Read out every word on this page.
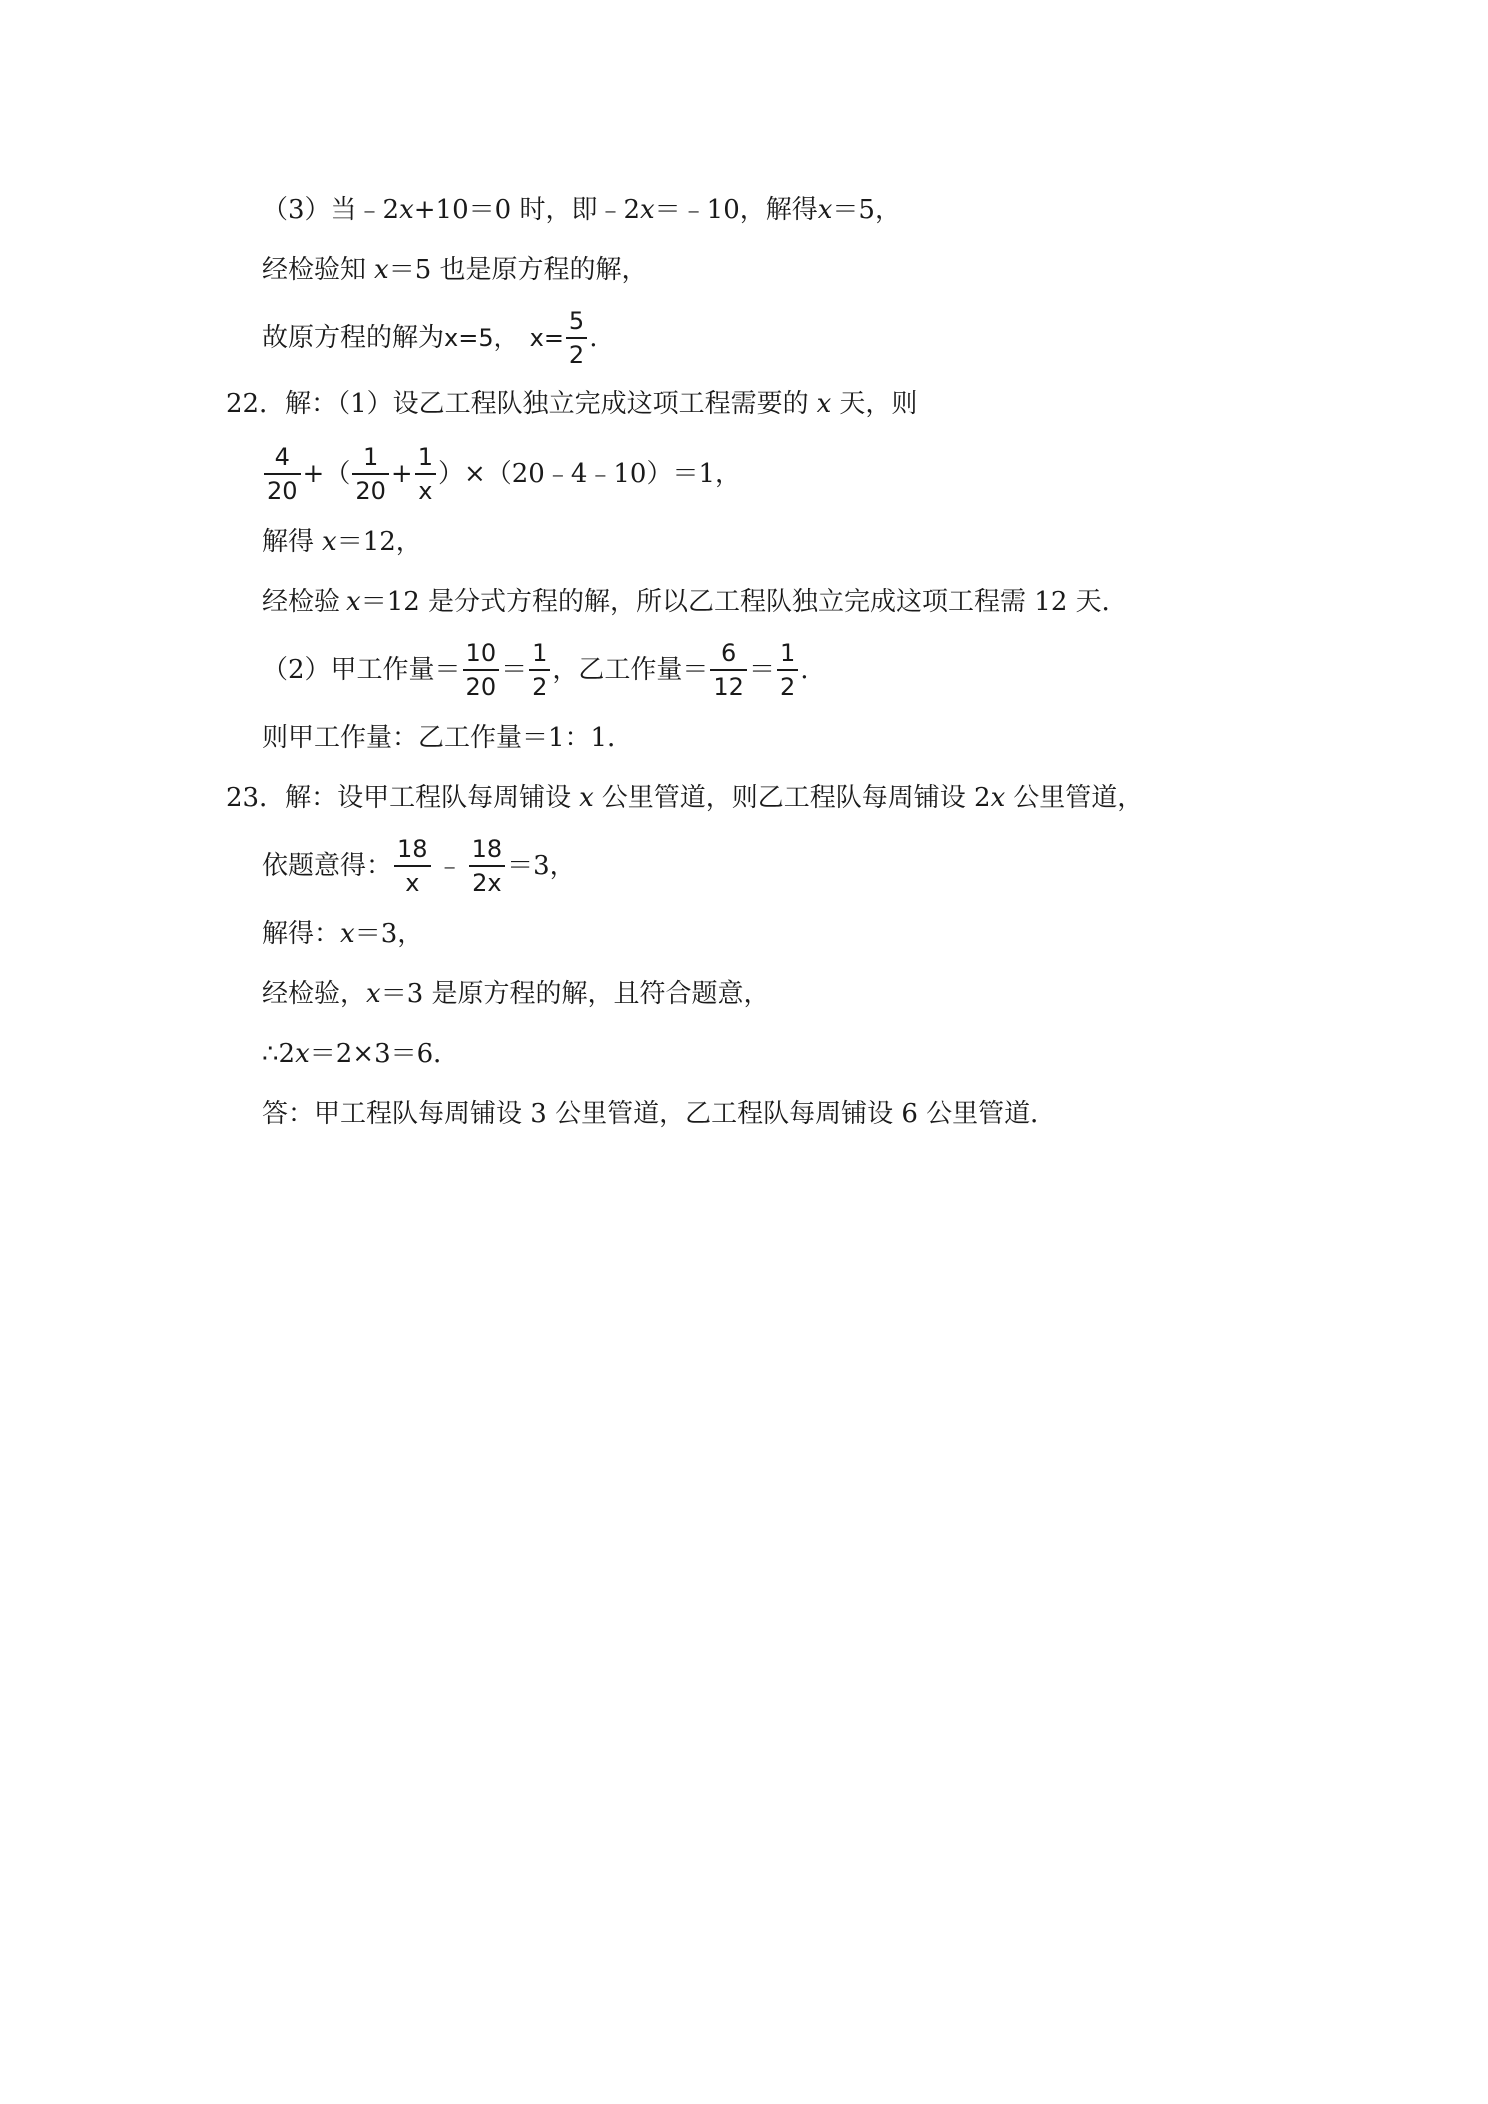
（3）当 ﹣2 x +10＝0 时，即﹣2 x ＝﹣10，解得 x ＝5，
经检验知 x ＝5 也是原方程的解，
故原方程的解为 x=5， $x= \frac{5}{2}$ .
22． 解：（1）设乙工程队独立完成这项工程需要的 x 天，则
$\frac{4}{20}$ +（ $\frac{1}{20} + \frac{1}{x}$ ）×（20﹣4﹣10）＝1，
解得 x ＝12，
经检验 x ＝12 是分式方程的解，所以乙工程队独立完成这项工程需 12 天．
（2）甲工作量＝ $\frac{10}{20} = \frac{1}{2}$ ，乙工作量＝ $\frac{6}{12} = \frac{1}{2}$ .
则甲工作量：乙工作量＝1：1．
23． 解：设甲工程队每周铺设 x 公里管道，则乙工程队每周铺设 2 x 公里管道，
依题意得： $\frac{18}{x}$ ﹣ $\frac{18}{2x} =3$，
解得： x ＝3，
经检验， x ＝3 是原方程的解，且符合题意，
∴2 x ＝2×3＝6．
答：甲工程队每周铺设 3 公里管道，乙工程队每周铺设 6 公里管道．
